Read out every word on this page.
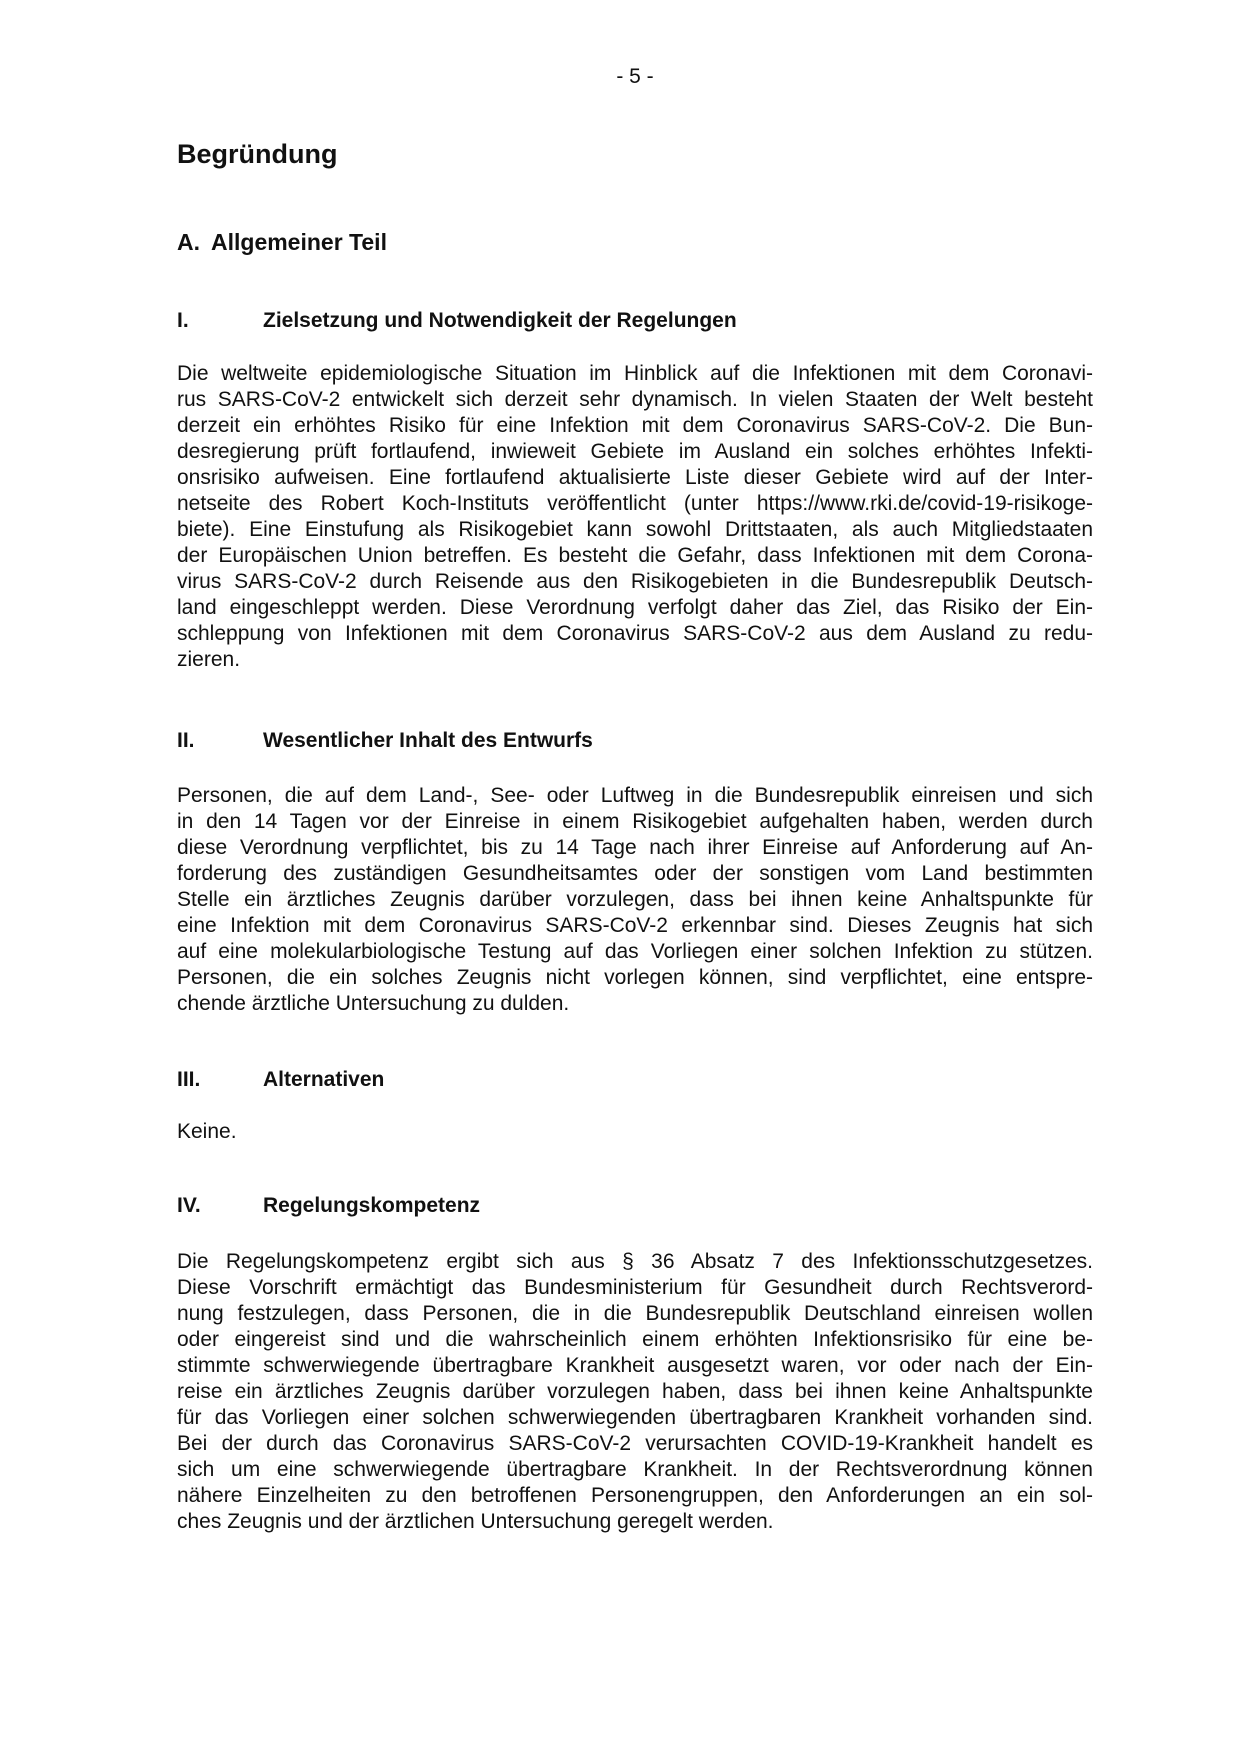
- 5 -
Begründung
A. Allgemeiner Teil
I.	Zielsetzung und Notwendigkeit der Regelungen
Die weltweite epidemiologische Situation im Hinblick auf die Infektionen mit dem Coronavi-
rus SARS-CoV-2 entwickelt sich derzeit sehr dynamisch. In vielen Staaten der Welt besteht
derzeit ein erhöhtes Risiko für eine Infektion mit dem Coronavirus SARS-CoV-2. Die Bun-
desregierung prüft fortlaufend, inwieweit Gebiete im Ausland ein solches erhöhtes Infekti-
onsrisiko aufweisen. Eine fortlaufend aktualisierte Liste dieser Gebiete wird auf der Inter-
netseite des Robert Koch-Instituts veröffentlicht (unter https://www.rki.de/covid-19-risikoge-
biete). Eine Einstufung als Risikogebiet kann sowohl Drittstaaten, als auch Mitgliedstaaten
der Europäischen Union betreffen. Es besteht die Gefahr, dass Infektionen mit dem Corona-
virus SARS-CoV-2 durch Reisende aus den Risikogebieten in die Bundesrepublik Deutsch-
land eingeschleppt werden. Diese Verordnung verfolgt daher das Ziel, das Risiko der Ein-
schleppung von Infektionen mit dem Coronavirus SARS-CoV-2 aus dem Ausland zu redu-
zieren.
II.	Wesentlicher Inhalt des Entwurfs
Personen, die auf dem Land-, See- oder Luftweg in die Bundesrepublik einreisen und sich
in den 14 Tagen vor der Einreise in einem Risikogebiet aufgehalten haben, werden durch
diese Verordnung verpflichtet, bis zu 14 Tage nach ihrer Einreise auf Anforderung auf An-
forderung des zuständigen Gesundheitsamtes oder der sonstigen vom Land bestimmten
Stelle ein ärztliches Zeugnis darüber vorzulegen, dass bei ihnen keine Anhaltspunkte für
eine Infektion mit dem Coronavirus SARS-CoV-2 erkennbar sind. Dieses Zeugnis hat sich
auf eine molekularbiologische Testung auf das Vorliegen einer solchen Infektion zu stützen.
Personen, die ein solches Zeugnis nicht vorlegen können, sind verpflichtet, eine entspre-
chende ärztliche Untersuchung zu dulden.
III.	Alternativen
Keine.
IV.	Regelungskompetenz
Die Regelungskompetenz ergibt sich aus § 36 Absatz 7 des Infektionsschutzgesetzes.
Diese Vorschrift ermächtigt das Bundesministerium für Gesundheit durch Rechtsverord-
nung festzulegen, dass Personen, die in die Bundesrepublik Deutschland einreisen wollen
oder eingereist sind und die wahrscheinlich einem erhöhten Infektionsrisiko für eine be-
stimmte schwerwiegende übertragbare Krankheit ausgesetzt waren, vor oder nach der Ein-
reise ein ärztliches Zeugnis darüber vorzulegen haben, dass bei ihnen keine Anhaltspunkte
für das Vorliegen einer solchen schwerwiegenden übertragbaren Krankheit vorhanden sind.
Bei der durch das Coronavirus SARS-CoV-2 verursachten COVID-19-Krankheit handelt es
sich um eine schwerwiegende übertragbare Krankheit. In der Rechtsverordnung können
nähere Einzelheiten zu den betroffenen Personengruppen, den Anforderungen an ein sol-
ches Zeugnis und der ärztlichen Untersuchung geregelt werden.
